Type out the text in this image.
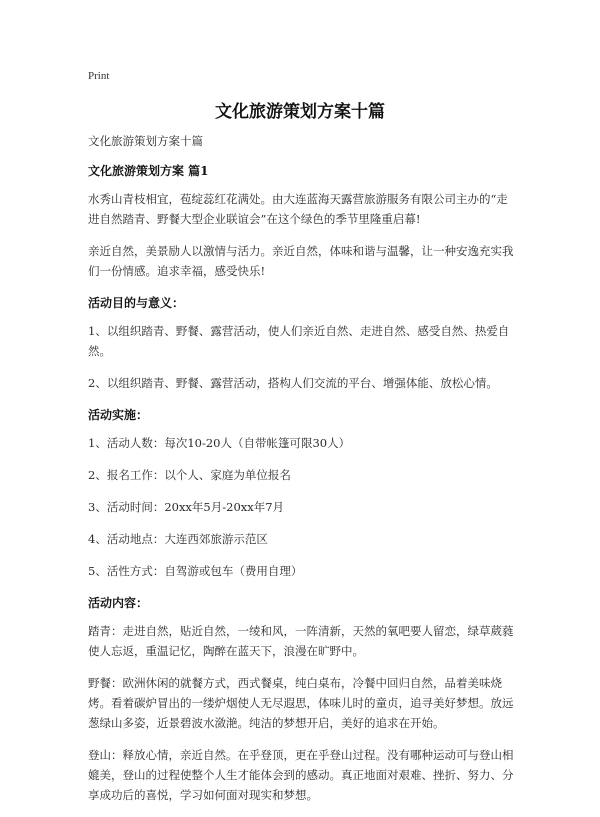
Print
文化旅游策划方案十篇

文化旅游策划方案十篇

文化旅游策划方案 篇1

水秀山青枝相宜，苞绽蕊红花满处。由大连蓝海天露营旅游服务有限公司主办的“走进自然踏青、野餐大型企业联谊会”在这个绿色的季节里隆重启幕!

亲近自然，美景励人以激情与活力。亲近自然，体味和谐与温馨，让一种安逸充实我们一份情感。追求幸福，感受快乐!

活动目的与意义：

1、以组织踏青、野餐、露营活动，使人们亲近自然、走进自然、感受自然、热爱自然。

2、以组织踏青、野餐、露营活动，搭构人们交流的平台、增强体能、放松心情。

活动实施：

1、活动人数：每次10-20人（自带帐篷可限30人）

2、报名工作：以个人、家庭为单位报名

3、活动时间：20xx年5月-20xx年7月

4、活动地点：大连西郊旅游示范区

5、活性方式：自驾游或包车（费用自理）

活动内容：

踏青：走进自然，贴近自然，一绫和风，一阵清新，天然的氧吧要人留恋，绿草葳蕤使人忘返，重温记忆，陶醉在蓝天下，浪漫在旷野中。

野餐：欧洲休闲的就餐方式，西式餐桌，纯白桌布，冷餐中回归自然，品着美味烧烤。看着碳炉冒出的一缕炉烟使人无尽遐思，体味儿时的童贞，追寻美好梦想。放远葱绿山多姿，近景碧波水潋滟。纯洁的梦想开启，美好的追求在开始。

登山：释放心情，亲近自然。在乎登顶，更在乎登山过程。没有哪种运动可与登山相媲美，登山的过程使整个人生才能体会到的感动。真正地面对艰难、挫折、努力、分享成功后的喜悦，学习如何面对现实和梦想。
